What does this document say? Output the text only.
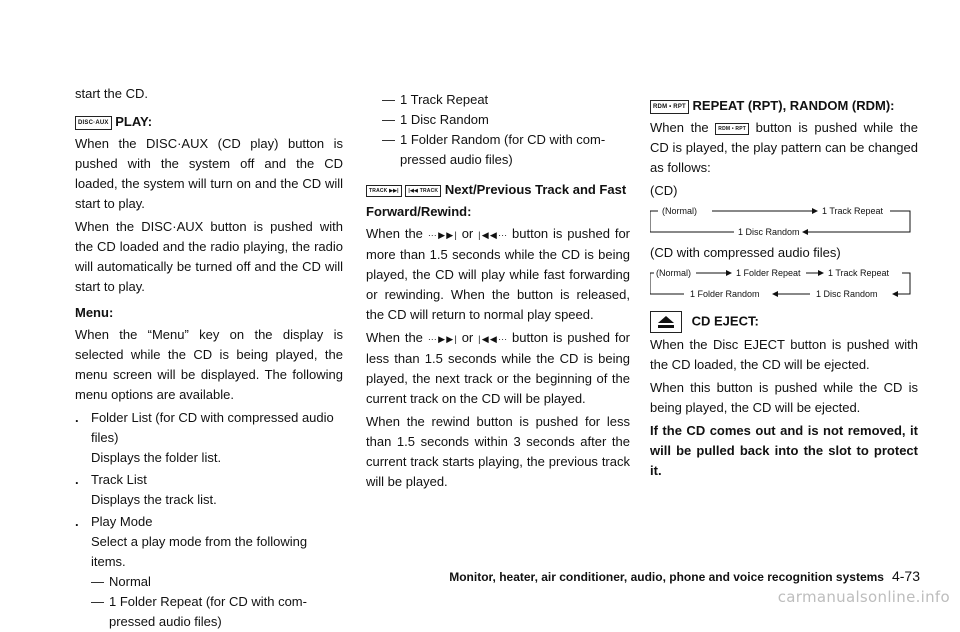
start the CD.

DISC·AUX PLAY:

When the DISC·AUX (CD play) button is pushed with the system off and the CD loaded, the system will turn on and the CD will start to play.

When the DISC·AUX button is pushed with the CD loaded and the radio playing, the radio will automatically be turned off and the CD will start to play.

Menu:

When the “Menu” key on the display is selected while the CD is being played, the menu screen will be displayed. The following menu options are available.

. Folder List (for CD with compressed audio files)
Displays the folder list.
. Track List
Displays the track list.
. Play Mode
Select a play mode from the following items.
— Normal
— 1 Folder Repeat (for CD with com-
pressed audio files)
— 1 Track Repeat
— 1 Disc Random
— 1 Folder Random (for CD with com-
pressed audio files)
TRACK ▶▶| |◀◀ TRACK Next/Previous Track and Fast
Forward/Rewind:

When the ···▶▶| or |◀◀··· button is pushed for more than 1.5 seconds while the CD is being played, the CD will play while fast forwarding or rewinding. When the button is released, the CD will return to normal play speed.

When the ···▶▶| or |◀◀··· button is pushed for less than 1.5 seconds while the CD is being played, the next track or the beginning of the current track on the CD will be played.

When the rewind button is pushed for less than 1.5 seconds within 3 seconds after the current track starts playing, the previous track will be played.

RDM • RPT REPEAT (RPT), RANDOM (RDM):

When the RDM • RPT button is pushed while the CD is played, the play pattern can be changed as follows:

(CD)

(Normal)	1 Track Repeat
1 Disc Random

(CD with compressed audio files)

(Normal)	1 Folder Repeat	1 Track Repeat
1 Folder Random	1 Disc Random
CD EJECT:

When the Disc EJECT button is pushed with the CD loaded, the CD will be ejected.

When this button is pushed while the CD is being played, the CD will be ejected.

If the CD comes out and is not removed, it will be pulled back into the slot to protect it.

Monitor, heater, air conditioner, audio, phone and voice recognition systems 4-73
carmanualsonline.info
